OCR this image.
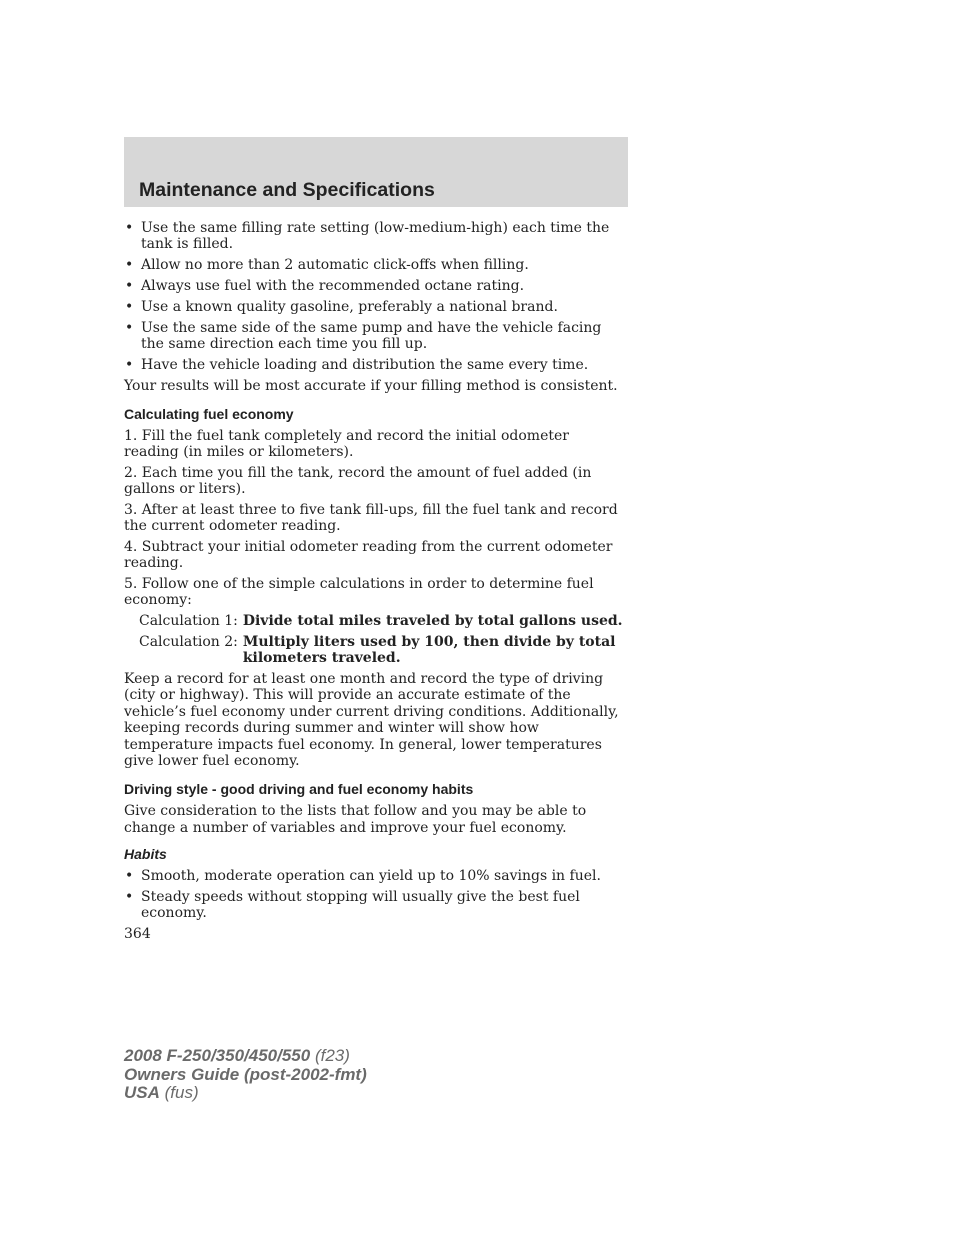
Maintenance and Specifications
• Use the same filling rate setting (low-medium-high) each time the tank is filled.
• Allow no more than 2 automatic click-offs when filling.
• Always use fuel with the recommended octane rating.
• Use a known quality gasoline, preferably a national brand.
• Use the same side of the same pump and have the vehicle facing the same direction each time you fill up.
• Have the vehicle loading and distribution the same every time.

Your results will be most accurate if your filling method is consistent.

Calculating fuel economy

1. Fill the fuel tank completely and record the initial odometer reading (in miles or kilometers).

2. Each time you fill the tank, record the amount of fuel added (in gallons or liters).

3. After at least three to five tank fill-ups, fill the fuel tank and record the current odometer reading.

4. Subtract your initial odometer reading from the current odometer reading.

5. Follow one of the simple calculations in order to determine fuel economy:

Calculation 1: Divide total miles traveled by total gallons used.
Calculation 2: Multiply liters used by 100, then divide by total kilometers traveled.

Keep a record for at least one month and record the type of driving (city or highway). This will provide an accurate estimate of the vehicle’s fuel economy under current driving conditions. Additionally, keeping records during summer and winter will show how temperature impacts fuel economy. In general, lower temperatures give lower fuel economy.

Driving style - good driving and fuel economy habits

Give consideration to the lists that follow and you may be able to change a number of variables and improve your fuel economy.

Habits
• Smooth, moderate operation can yield up to 10% savings in fuel.
• Steady speeds without stopping will usually give the best fuel economy.
364
2008 F-250/350/450/550 (f23)
Owners Guide (post-2002-fmt)
USA (fus)
